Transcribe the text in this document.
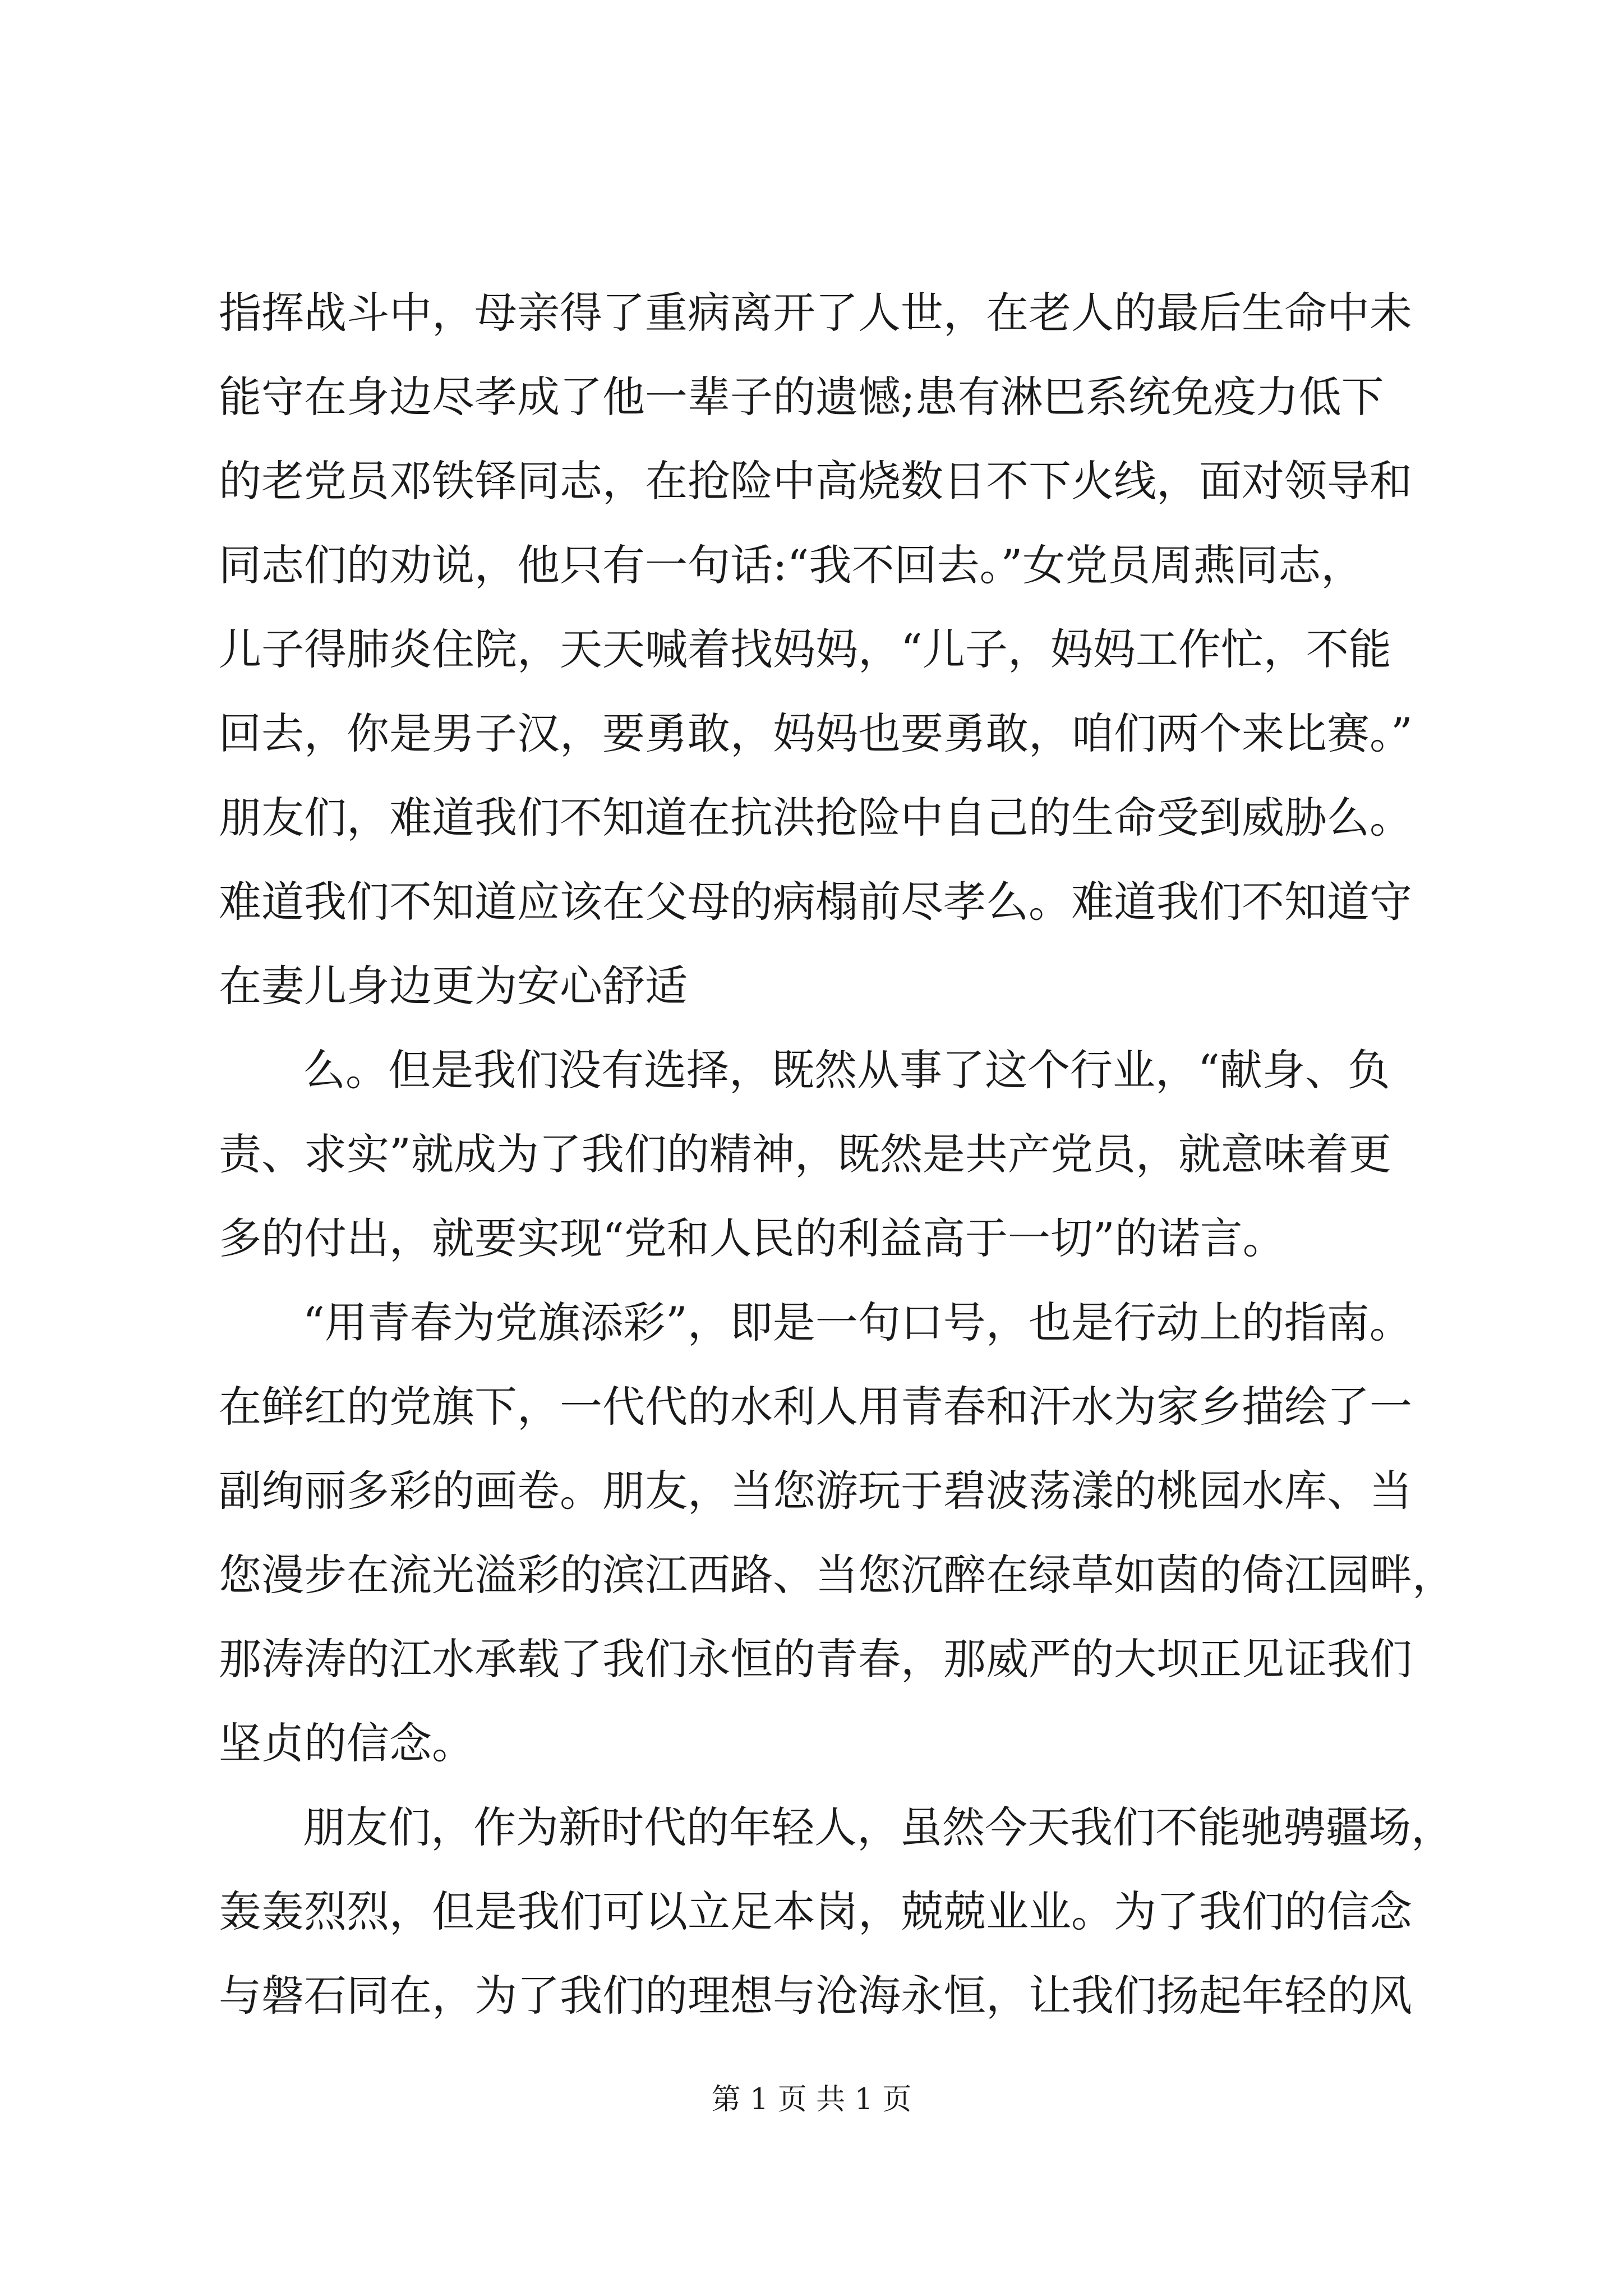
指挥战斗中，母亲得了重病离开了人世，在老人的最后生命中未
能守在身边尽孝成了他一辈子的遗憾;患有淋巴系统免疫力低下
的老党员邓铁铎同志，在抢险中高烧数日不下火线，面对领导和
同志们的劝说，他只有一句话:“我不回去。”女党员周燕同志，
儿子得肺炎住院，天天喊着找妈妈，“儿子，妈妈工作忙，不能
回去，你是男子汉，要勇敢，妈妈也要勇敢，咱们两个来比赛。”
朋友们，难道我们不知道在抗洪抢险中自己的生命受到威胁么。
难道我们不知道应该在父母的病榻前尽孝么。难道我们不知道守
在妻儿身边更为安心舒适
么。但是我们没有选择，既然从事了这个行业，“献身、负
责、求实”就成为了我们的精神，既然是共产党员，就意味着更
多的付出，就要实现“党和人民的利益高于一切”的诺言。
“用青春为党旗添彩”，即是一句口号，也是行动上的指南。
在鲜红的党旗下，一代代的水利人用青春和汗水为家乡描绘了一
副绚丽多彩的画卷。朋友，当您游玩于碧波荡漾的桃园水库、当
您漫步在流光溢彩的滨江西路、当您沉醉在绿草如茵的倚江园畔，
那涛涛的江水承载了我们永恒的青春，那威严的大坝正见证我们
坚贞的信念。
朋友们，作为新时代的年轻人，虽然今天我们不能驰骋疆场，
轰轰烈烈，但是我们可以立足本岗，兢兢业业。为了我们的信念
与磐石同在，为了我们的理想与沧海永恒，让我们扬起年轻的风
第 1 页 共 1 页
